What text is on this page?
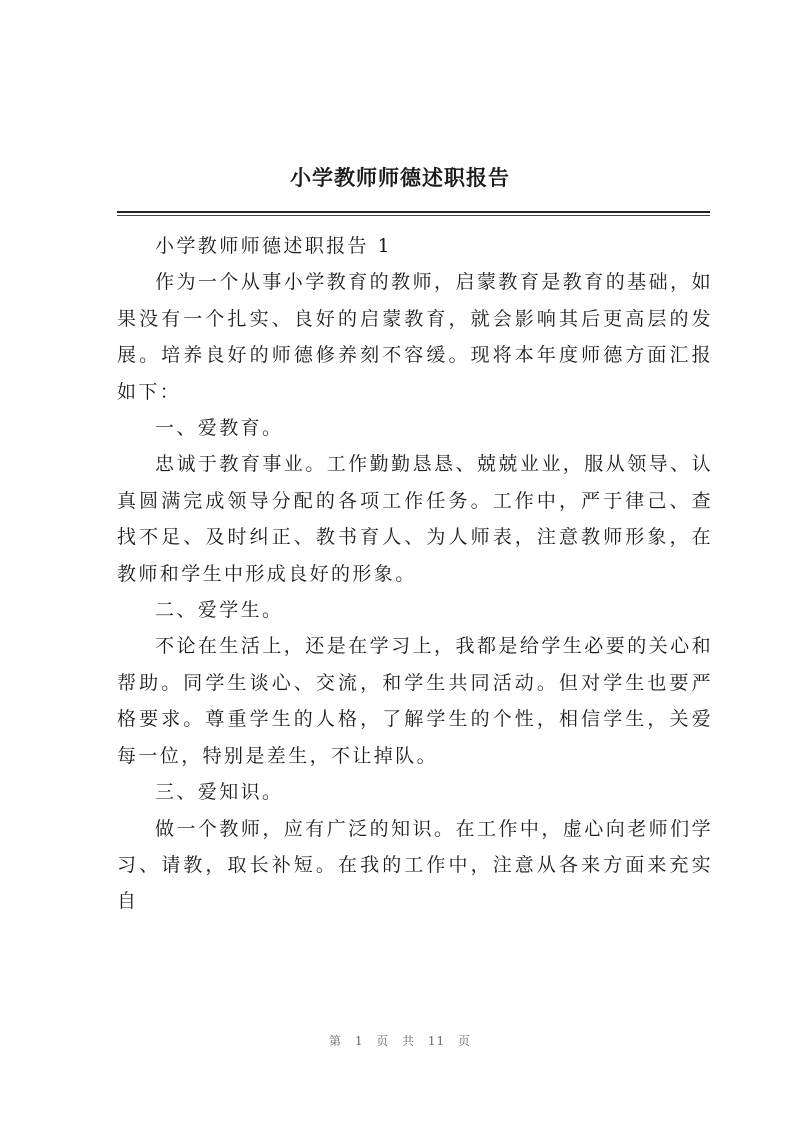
小学教师师德述职报告

小学教师师德述职报告 1

作为一个从事小学教育的教师，启蒙教育是教育的基础，如果没有一个扎实、良好的启蒙教育，就会影响其后更高层的发展。培养良好的师德修养刻不容缓。现将本年度师德方面汇报如下：

一、爱教育。

忠诚于教育事业。工作勤勤恳恳、兢兢业业，服从领导、认真圆满完成领导分配的各项工作任务。工作中，严于律己、查找不足、及时纠正、教书育人、为人师表，注意教师形象，在教师和学生中形成良好的形象。

二、爱学生。

不论在生活上，还是在学习上，我都是给学生必要的关心和帮助。同学生谈心、交流，和学生共同活动。但对学生也要严格要求。尊重学生的人格，了解学生的个性，相信学生，关爱每一位，特别是差生，不让掉队。

三、爱知识。

做一个教师，应有广泛的知识。在工作中，虚心向老师们学习、请教，取长补短。在我的工作中，注意从各来方面来充实自

第 1 页 共 11 页
